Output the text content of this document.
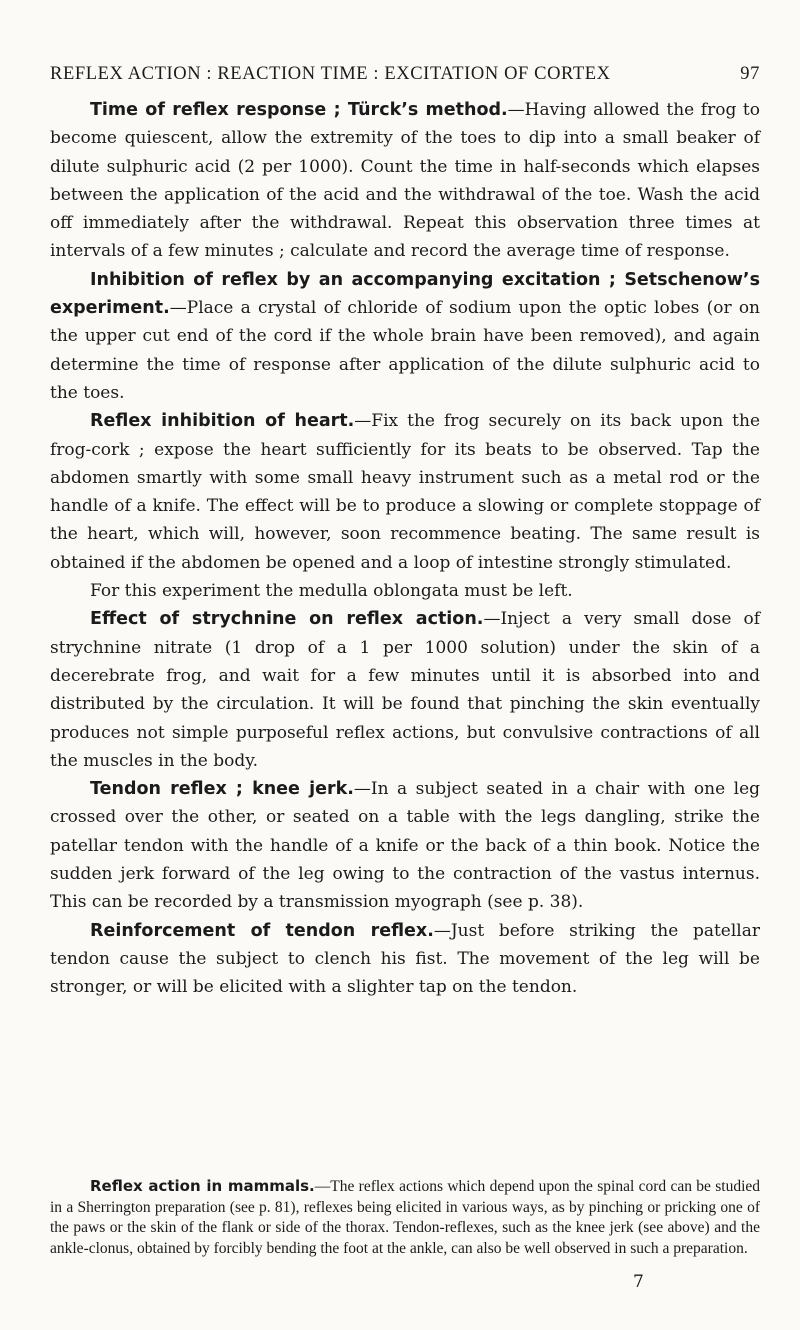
REFLEX ACTION : REACTION TIME : EXCITATION OF CORTEX	97

Time of reflex response ; Türck’s method.—Having allowed the frog to become quiescent, allow the extremity of the toes to dip into a small beaker of dilute sulphuric acid (2 per 1000). Count the time in half-seconds which elapses between the application of the acid and the withdrawal of the toe. Wash the acid off immediately after the withdrawal. Repeat this observation three times at intervals of a few minutes ; calculate and record the average time of response.

Inhibition of reflex by an accompanying excitation ; Setschenow’s experiment.—Place a crystal of chloride of sodium upon the optic lobes (or on the upper cut end of the cord if the whole brain have been removed), and again determine the time of response after application of the dilute sulphuric acid to the toes.

Reflex inhibition of heart.—Fix the frog securely on its back upon the frog-cork ; expose the heart sufficiently for its beats to be observed. Tap the abdomen smartly with some small heavy instrument such as a metal rod or the handle of a knife. The effect will be to produce a slowing or complete stoppage of the heart, which will, however, soon recommence beating. The same result is obtained if the abdomen be opened and a loop of intestine strongly stimulated.

For this experiment the medulla oblongata must be left.

Effect of strychnine on reflex action.—Inject a very small dose of strychnine nitrate (1 drop of a 1 per 1000 solution) under the skin of a decerebrate frog, and wait for a few minutes until it is absorbed into and distributed by the circulation. It will be found that pinching the skin eventually produces not simple purposeful reflex actions, but convulsive contractions of all the muscles in the body.

Tendon reflex ; knee jerk.—In a subject seated in a chair with one leg crossed over the other, or seated on a table with the legs dangling, strike the patellar tendon with the handle of a knife or the back of a thin book. Notice the sudden jerk forward of the leg owing to the contraction of the vastus internus. This can be recorded by a transmission myograph (see p. 38).

Reinforcement of tendon reflex.—Just before striking the patellar tendon cause the subject to clench his fist. The movement of the leg will be stronger, or will be elicited with a slighter tap on the tendon.

Reflex action in mammals.—The reflex actions which depend upon the spinal cord can be studied in a Sherrington preparation (see p. 81), reflexes being elicited in various ways, as by pinching or pricking one of the paws or the skin of the flank or side of the thorax. Tendon-reflexes, such as the knee jerk (see above) and the ankle-clonus, obtained by forcibly bending the foot at the ankle, can also be well observed in such a preparation.

7
